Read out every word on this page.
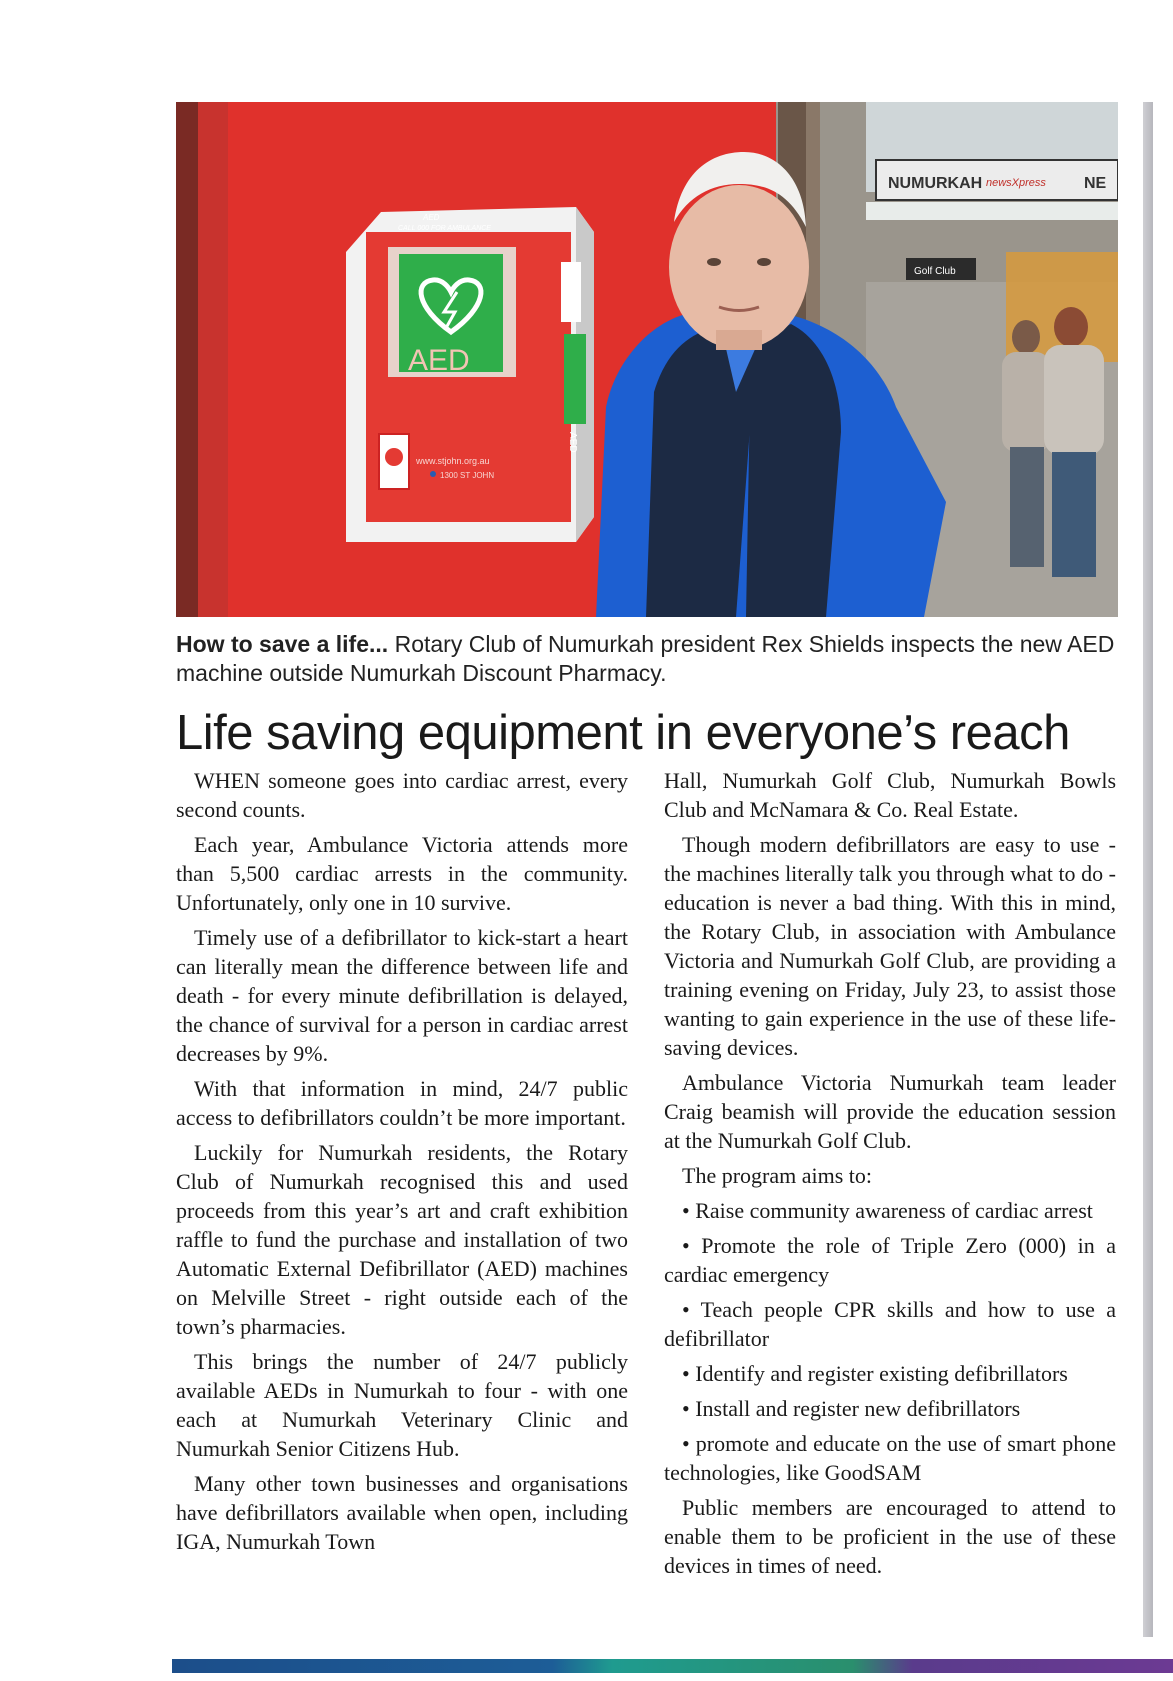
NUMURKAH newsXpress NE
Golf Club
AED
CALL 000 FOR AMBULANCE
AED
www.stjohn.org.au
1300 ST JOHN
AED
How to save a life... Rotary Club of Numurkah president Rex Shields inspects the new AED machine outside Numurkah Discount Pharmacy.
Life saving equipment in everyone’s reach

WHEN someone goes into cardiac arrest, every second counts.

Each year, Ambulance Victoria attends more than 5,500 cardiac arrests in the community. Unfortunately, only one in 10 survive.

Timely use of a defibrillator to kick-start a heart can literally mean the difference between life and death - for every minute defibrillation is delayed, the chance of survival for a person in cardiac arrest decreases by 9%.

With that information in mind, 24/7 public access to defibrillators couldn’t be more important.

Luckily for Numurkah residents, the Rotary Club of Numurkah recognised this and used proceeds from this year’s art and craft exhibition raffle to fund the purchase and installation of two Automatic External Defibrillator (AED) machines on Melville Street - right outside each of the town’s pharmacies.

This brings the number of 24/7 publicly available AEDs in Numurkah to four - with one each at Numurkah Veterinary Clinic and Numurkah Senior Citizens Hub.

Many other town businesses and organisations have defibrillators available when open, including IGA, Numurkah Town

Hall, Numurkah Golf Club, Numurkah Bowls Club and McNamara & Co. Real Estate.

Though modern defibrillators are easy to use - the machines literally talk you through what to do - education is never a bad thing. With this in mind, the Rotary Club, in association with Ambulance Victoria and Numurkah Golf Club, are providing a training evening on Friday, July 23, to assist those wanting to gain experience in the use of these life-saving devices.

Ambulance Victoria Numurkah team leader Craig beamish will provide the education session at the Numurkah Golf Club.

The program aims to:

• Raise community awareness of cardiac arrest

• Promote the role of Triple Zero (000) in a cardiac emergency

• Teach people CPR skills and how to use a defibrillator

• Identify and register existing defibrillators

• Install and register new defibrillators

• promote and educate on the use of smart phone technologies, like GoodSAM

Public members are encouraged to attend to enable them to be proficient in the use of these devices in times of need.
